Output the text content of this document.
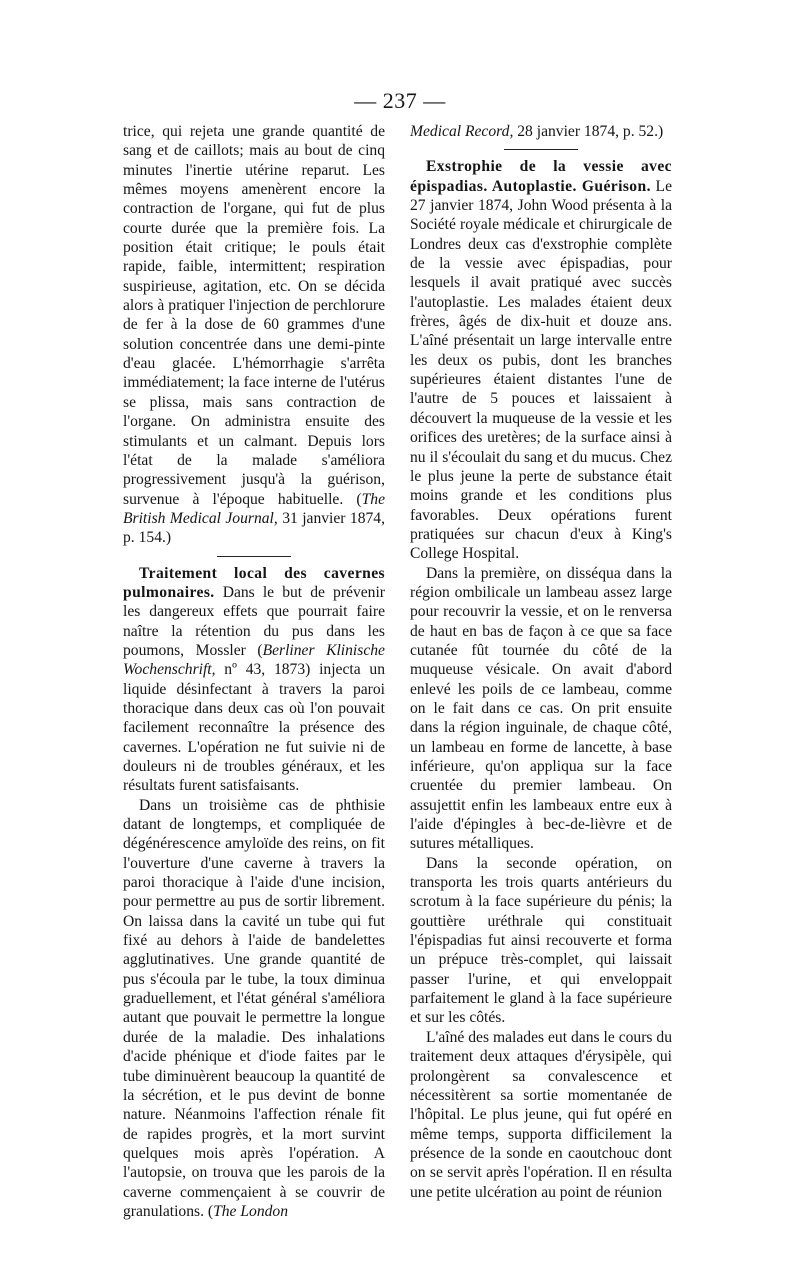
— 237 —

trice, qui rejeta une grande quantité de sang et de caillots; mais au bout de cinq minutes l'inertie utérine reparut. Les mêmes moyens amenèrent encore la contraction de l'organe, qui fut de plus courte durée que la première fois. La position était critique; le pouls était rapide, faible, intermittent; respiration suspirieuse, agitation, etc. On se décida alors à pratiquer l'injection de perchlorure de fer à la dose de 60 grammes d'une solution concentrée dans une demi-pinte d'eau glacée. L'hémorrhagie s'arrêta immédiatement; la face interne de l'utérus se plissa, mais sans contraction de l'organe. On administra ensuite des stimulants et un calmant. Depuis lors l'état de la malade s'améliora progressivement jusqu'à la guérison, survenue à l'époque habituelle. (The British Medical Journal, 31 janvier 1874, p. 154.)

Traitement local des cavernes pulmonaires. Dans le but de prévenir les dangereux effets que pourrait faire naître la rétention du pus dans les poumons, Mossler (Berliner Klinische Wochenschrift, nº 43, 1873) injecta un liquide désinfectant à travers la paroi thoracique dans deux cas où l'on pouvait facilement reconnaître la présence des cavernes. L'opération ne fut suivie ni de douleurs ni de troubles généraux, et les résultats furent satisfaisants.

Dans un troisième cas de phthisie datant de longtemps, et compliquée de dégénérescence amyloïde des reins, on fit l'ouverture d'une caverne à travers la paroi thoracique à l'aide d'une incision, pour permettre au pus de sortir librement. On laissa dans la cavité un tube qui fut fixé au dehors à l'aide de bandelettes agglutinatives. Une grande quantité de pus s'écoula par le tube, la toux diminua graduellement, et l'état général s'améliora autant que pouvait le permettre la longue durée de la maladie. Des inhalations d'acide phénique et d'iode faites par le tube diminuèrent beaucoup la quantité de la sécrétion, et le pus devint de bonne nature. Néanmoins l'affection rénale fit de rapides progrès, et la mort survint quelques mois après l'opération. A l'autopsie, on trouva que les parois de la caverne commençaient à se couvrir de granulations. (The London

Medical Record, 28 janvier 1874, p. 52.)

Exstrophie de la vessie avec épispadias. Autoplastie. Guérison. Le 27 janvier 1874, John Wood présenta à la Société royale médicale et chirurgicale de Londres deux cas d'exstrophie complète de la vessie avec épispadias, pour lesquels il avait pratiqué avec succès l'autoplastie. Les malades étaient deux frères, âgés de dix-huit et douze ans. L'aîné présentait un large intervalle entre les deux os pubis, dont les branches supérieures étaient distantes l'une de l'autre de 5 pouces et laissaient à découvert la muqueuse de la vessie et les orifices des uretères; de la surface ainsi à nu il s'écoulait du sang et du mucus. Chez le plus jeune la perte de substance était moins grande et les conditions plus favorables. Deux opérations furent pratiquées sur chacun d'eux à King's College Hospital.

Dans la première, on disséqua dans la région ombilicale un lambeau assez large pour recouvrir la vessie, et on le renversa de haut en bas de façon à ce que sa face cutanée fût tournée du côté de la muqueuse vésicale. On avait d'abord enlevé les poils de ce lambeau, comme on le fait dans ce cas. On prit ensuite dans la région inguinale, de chaque côté, un lambeau en forme de lancette, à base inférieure, qu'on appliqua sur la face cruentée du premier lambeau. On assujettit enfin les lambeaux entre eux à l'aide d'épingles à bec-de-lièvre et de sutures métalliques.

Dans la seconde opération, on transporta les trois quarts antérieurs du scrotum à la face supérieure du pénis; la gouttière uréthrale qui constituait l'épispadias fut ainsi recouverte et forma un prépuce très-complet, qui laissait passer l'urine, et qui enveloppait parfaitement le gland à la face supérieure et sur les côtés.

L'aîné des malades eut dans le cours du traitement deux attaques d'érysipèle, qui prolongèrent sa convalescence et nécessitèrent sa sortie momentanée de l'hôpital. Le plus jeune, qui fut opéré en même temps, supporta difficilement la présence de la sonde en caoutchouc dont on se servit après l'opération. Il en résulta une petite ulcération au point de réunion
